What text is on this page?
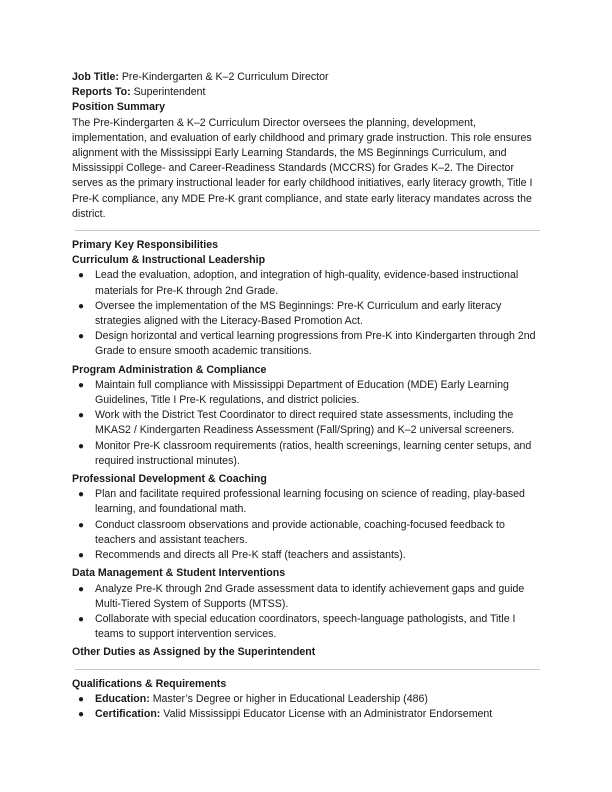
Job Title: Pre-Kindergarten & K–2 Curriculum Director

Reports To: Superintendent

Position Summary

The Pre-Kindergarten & K–2 Curriculum Director oversees the planning, development, implementation, and evaluation of early childhood and primary grade instruction. This role ensures alignment with the Mississippi Early Learning Standards, the MS Beginnings Curriculum, and Mississippi College- and Career-Readiness Standards (MCCRS) for Grades K–2. The Director serves as the primary instructional leader for early childhood initiatives, early literacy growth, Title I Pre-K compliance, any MDE Pre-K grant compliance, and state early literacy mandates across the district.

Primary Key Responsibilities

Curriculum & Instructional Leadership

● Lead the evaluation, adoption, and integration of high-quality, evidence-based instructional materials for Pre-K through 2nd Grade.
● Oversee the implementation of the MS Beginnings: Pre-K Curriculum and early literacy strategies aligned with the Literacy-Based Promotion Act.
● Design horizontal and vertical learning progressions from Pre-K into Kindergarten through 2nd Grade to ensure smooth academic transitions.

Program Administration & Compliance

● Maintain full compliance with Mississippi Department of Education (MDE) Early Learning Guidelines, Title I Pre-K regulations, and district policies.
● Work with the District Test Coordinator to direct required state assessments, including the MKAS2 / Kindergarten Readiness Assessment (Fall/Spring) and K–2 universal screeners.
● Monitor Pre-K classroom requirements (ratios, health screenings, learning center setups, and required instructional minutes).

Professional Development & Coaching

● Plan and facilitate required professional learning focusing on science of reading, play-based learning, and foundational math.
● Conduct classroom observations and provide actionable, coaching-focused feedback to teachers and assistant teachers.
● Recommends and directs all Pre-K staff (teachers and assistants).

Data Management & Student Interventions

● Analyze Pre-K through 2nd Grade assessment data to identify achievement gaps and guide Multi-Tiered System of Supports (MTSS).
● Collaborate with special education coordinators, speech-language pathologists, and Title I teams to support intervention services.

Other Duties as Assigned by the Superintendent

Qualifications & Requirements

● Education: Master’s Degree or higher in Educational Leadership (486)
● Certification: Valid Mississippi Educator License with an Administrator Endorsement
